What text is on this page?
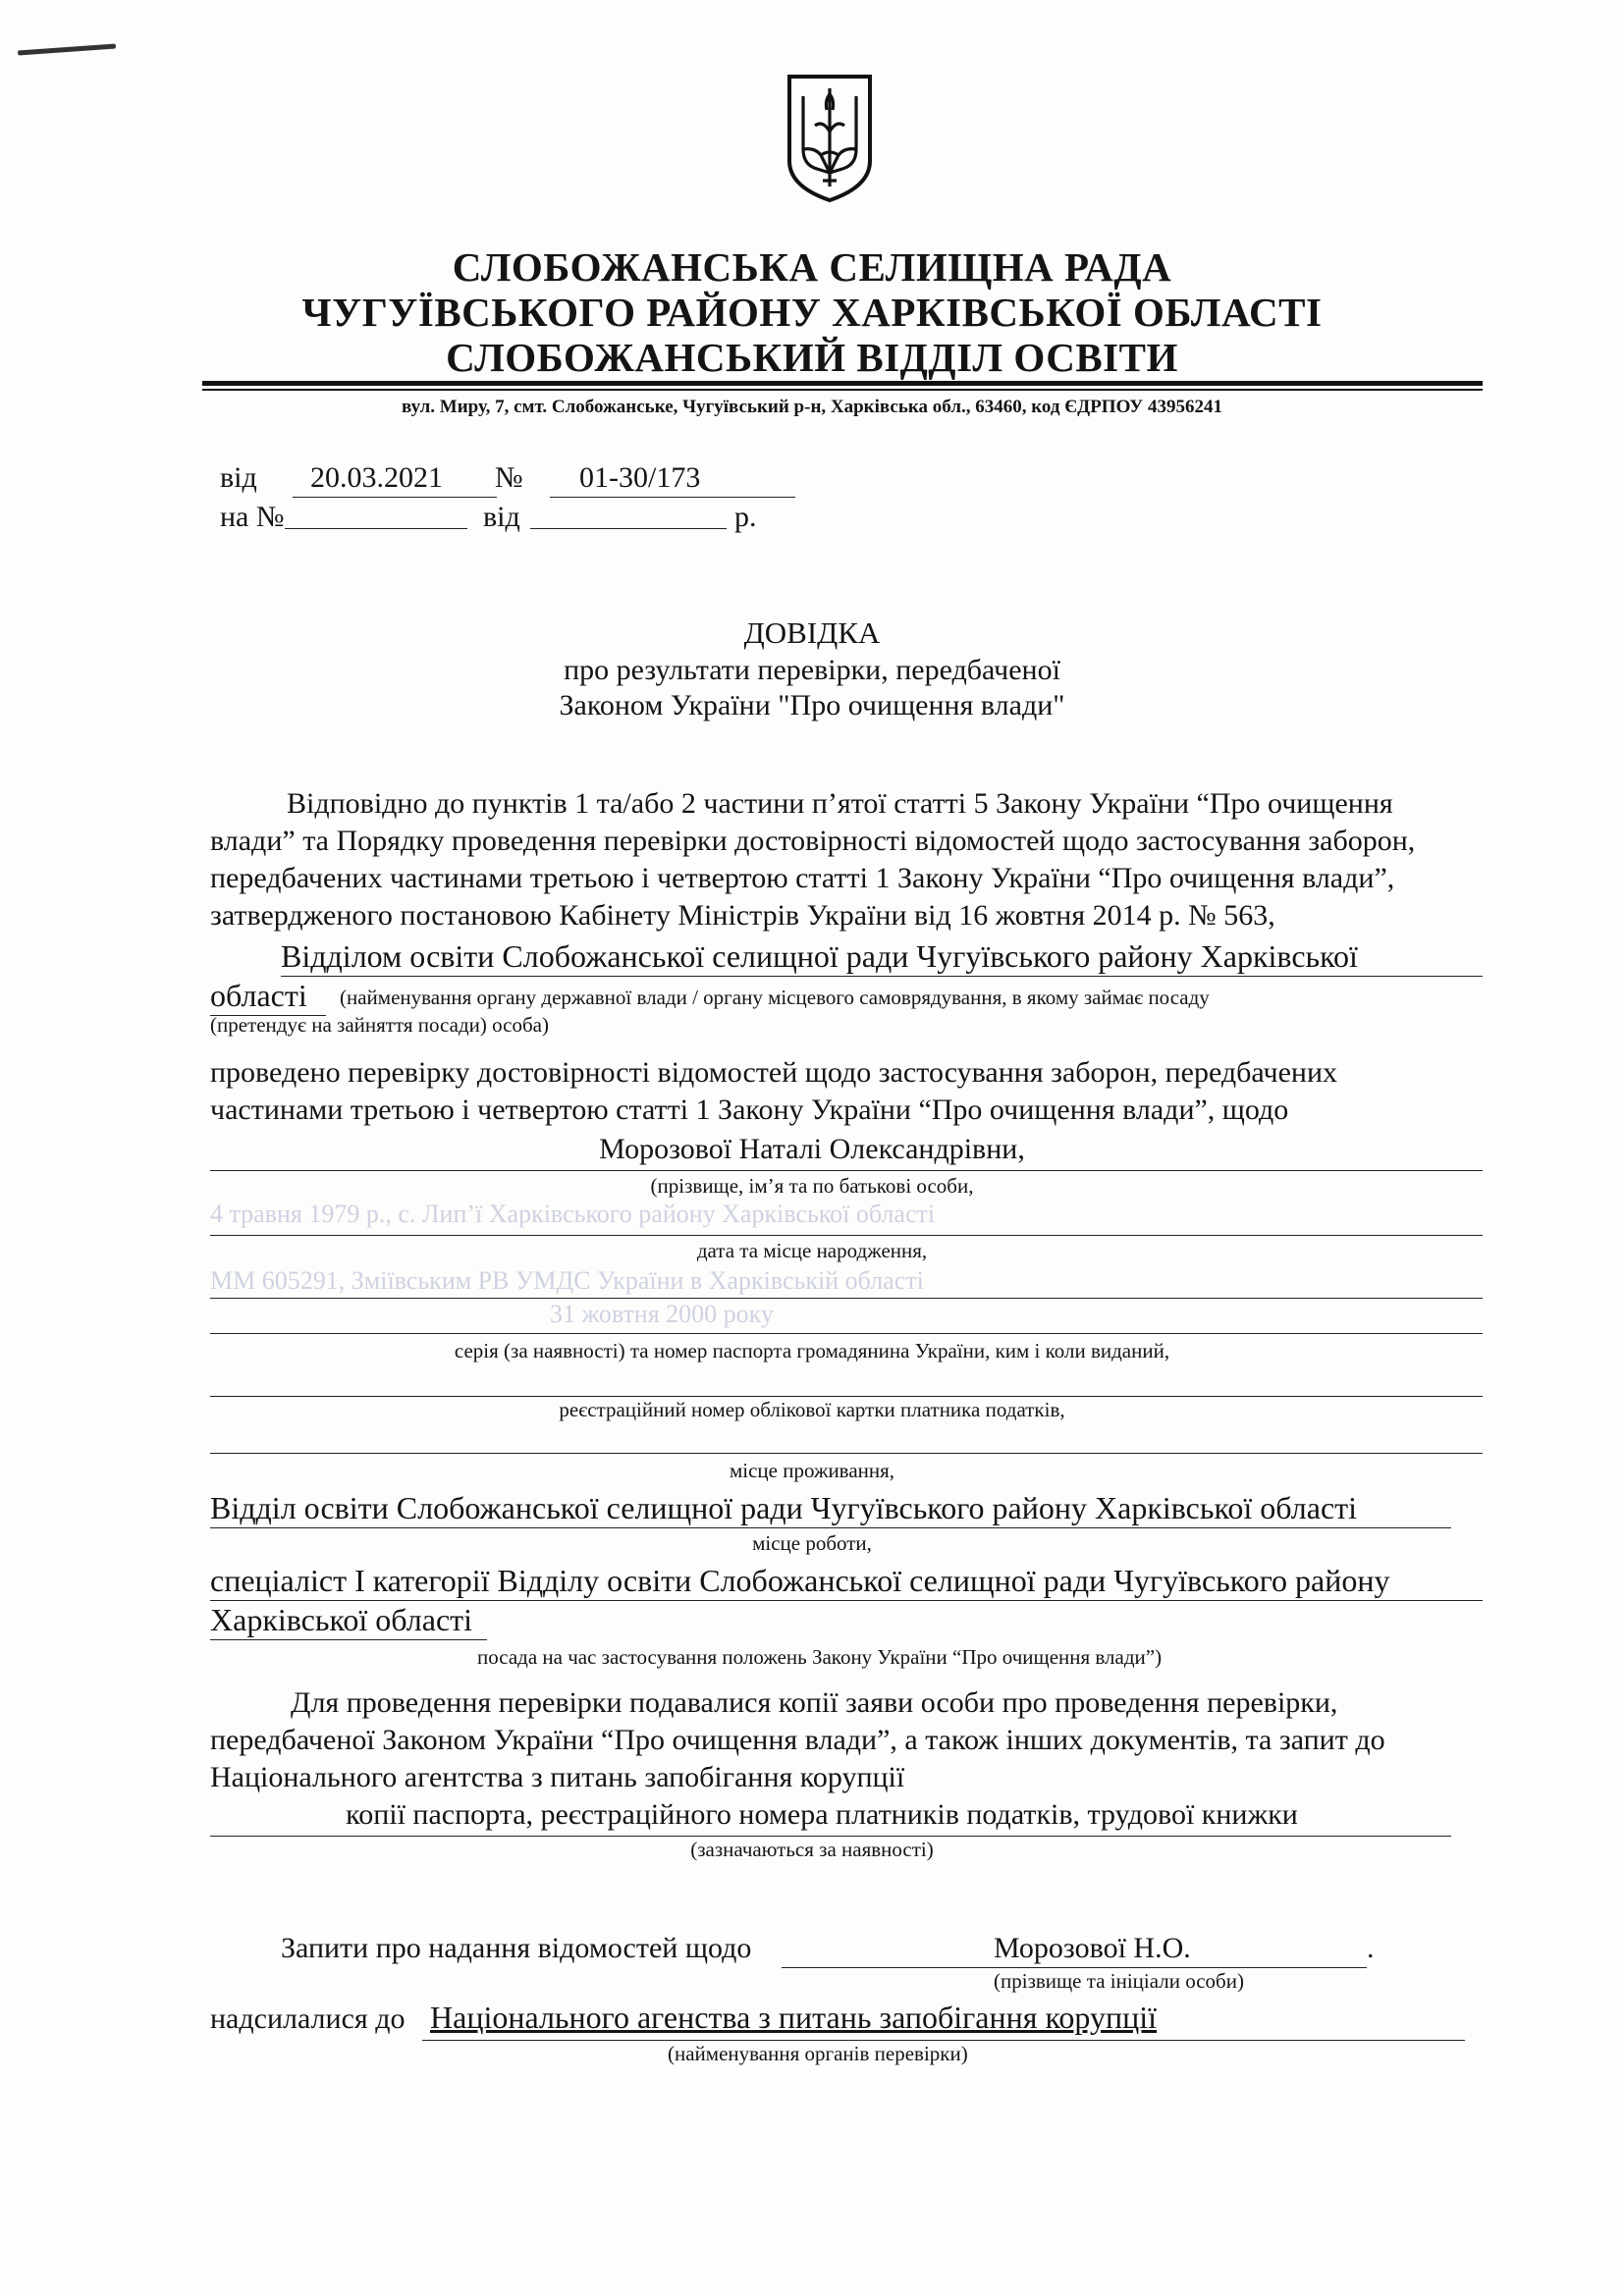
СЛОБОЖАНСЬКА СЕЛИЩНА РАДА
ЧУГУЇВСЬКОГО РАЙОНУ ХАРКІВСЬКОЇ ОБЛАСТІ
СЛОБОЖАНСЬКИЙ ВІДДІЛ ОСВІТИ
вул. Миру, 7, смт. Слобожанське, Чугуївський р-н, Харківська обл., 63460, код ЄДРПОУ 43956241
від	20.03.2021	№	01-30/173
на №	від	р.
ДОВІДКА
про результати перевірки, передбаченої
Законом України "Про очищення влади"
Відповідно до пунктів 1 та/або 2 частини п’ятої статті 5 Закону України “Про очищення
влади” та Порядку проведення перевірки достовірності відомостей щодо застосування заборон,
передбачених частинами третьою і четвертою статті 1 Закону України “Про очищення влади”,
затвердженого постановою Кабінету Міністрів України від 16 жовтня 2014 р. № 563,
Відділом освіти Слобожанської селищної ради Чугуївського району Харківської
області	(найменування органу державної влади / органу місцевого самоврядування, в якому займає посаду
(претендує на зайняття посади) особа)
проведено перевірку достовірності відомостей щодо застосування заборон, передбачених
частинами третьою і четвертою статті 1 Закону України “Про очищення влади”, щодо
Морозової Наталі Олександрівни,
(прізвище, ім’я та по батькові особи,
4 травня 1979 р., с. Лип’ї Харківського району Харківської області
дата та місце народження,
ММ 605291, Зміївським РВ УМДС України в Харківській області
31 жовтня 2000 року
серія (за наявності) та номер паспорта громадянина України, ким і коли виданий,
реєстраційний номер облікової картки платника податків,
місце проживання,
Відділ освіти Слобожанської селищної ради Чугуївського району Харківської області
місце роботи,
спеціаліст І категорії Відділу освіти Слобожанської селищної ради Чугуївського району
Харківської області
посада на час застосування положень Закону України “Про очищення влади”)
Для проведення перевірки подавалися копії заяви особи про проведення перевірки,
передбаченої Законом України “Про очищення влади”, а також інших документів, та запит до
Національного агентства з питань запобігання корупції
копії паспорта, реєстраційного номера платників податків, трудової книжки
(зазначаються за наявності)
Запити про надання відомостей щодо	Морозової Н.О.	.
(прізвище та ініціали особи)
надсилалися до Національного агенства з питань запобігання корупції
(найменування органів перевірки)
